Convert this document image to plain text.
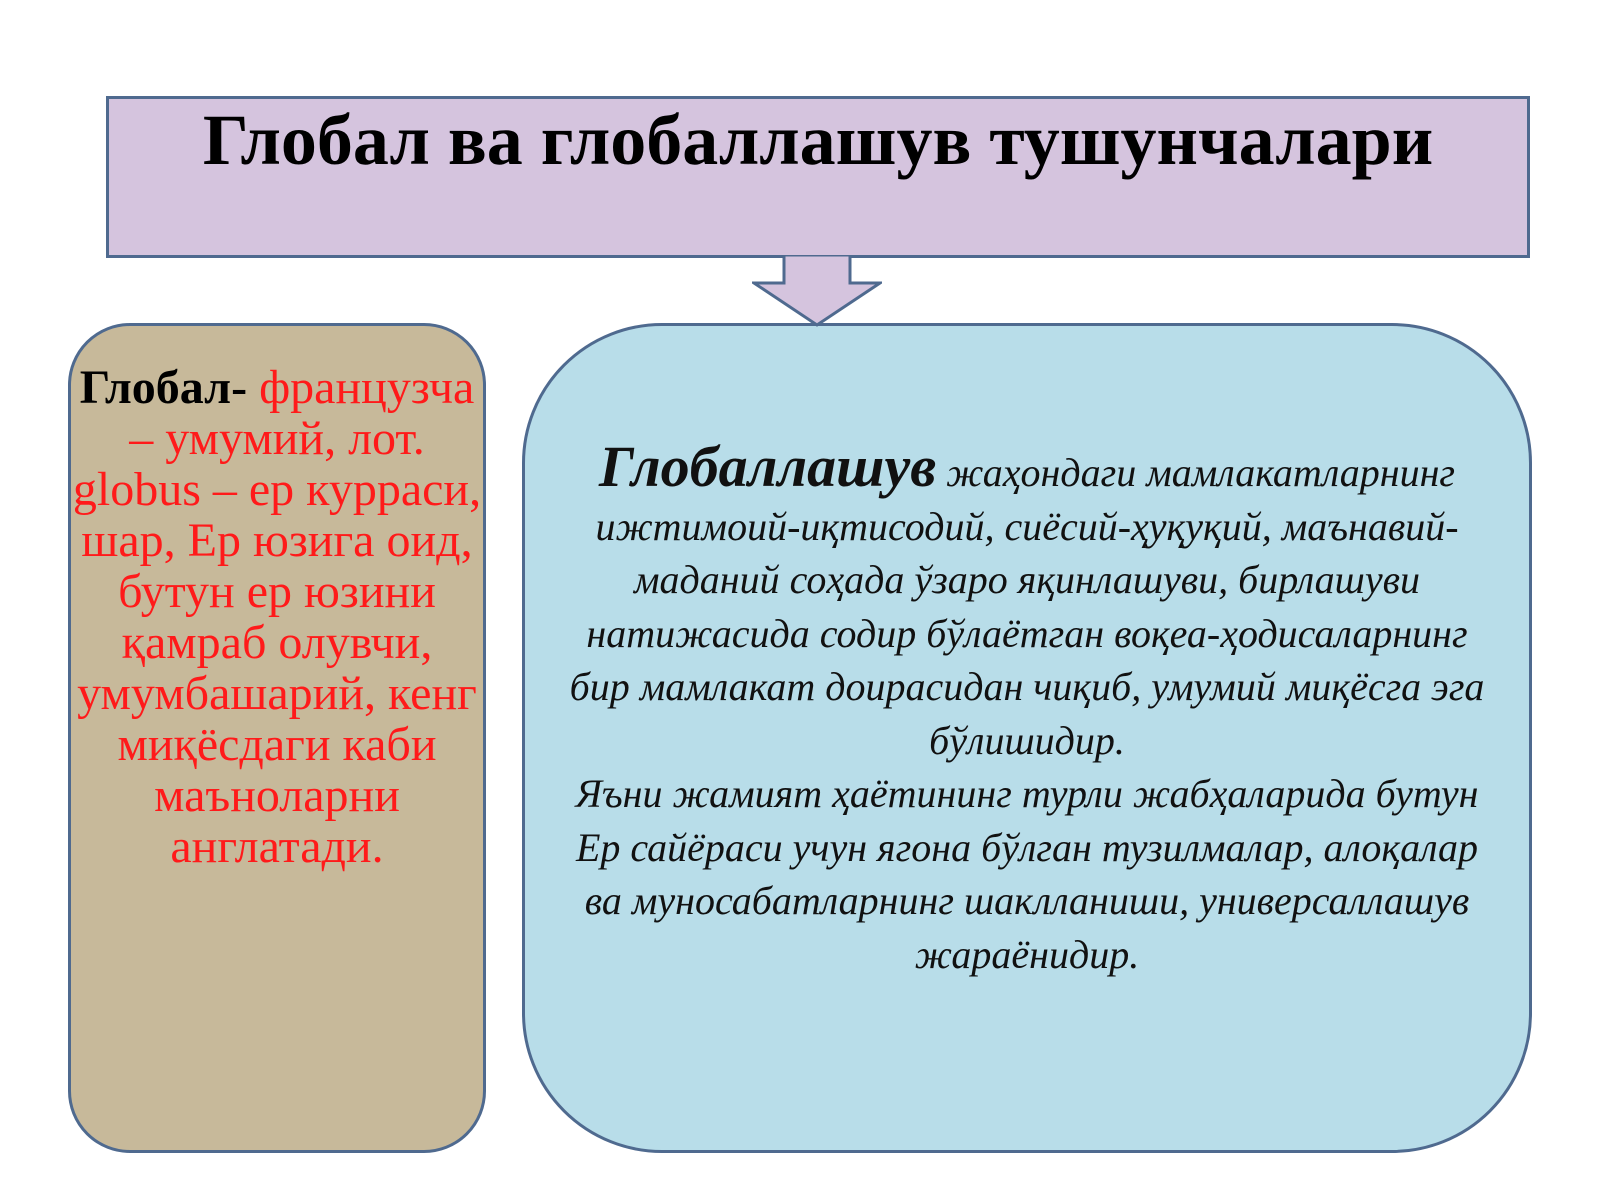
Глобал ва глобаллашув тушунчалари
Глобал- французча – умумий, лот. globus – ер курраси, шар, Ер юзига оид, бутун ер юзини қамраб олувчи, умумбашарий, кенг миқёсдаги каби маъноларни англатади.
Глобаллашув жаҳондаги мамлакатларнинг ижтимоий-иқтисодий, сиёсий-ҳуқуқий, маънавий-маданий соҳада ўзаро яқинлашуви, бирлашуви натижасида содир бўлаётган воқеа-ҳодисаларнинг бир мамлакат доирасидан чиқиб, умумий миқёсга эга бўлишидир.
Яъни жамият ҳаётининг турли жабҳаларида бутун Ер сайёраси учун ягона бўлган тузилмалар, алоқалар ва муносабатларнинг шаклланиши, универсаллашув жараёнидир.
